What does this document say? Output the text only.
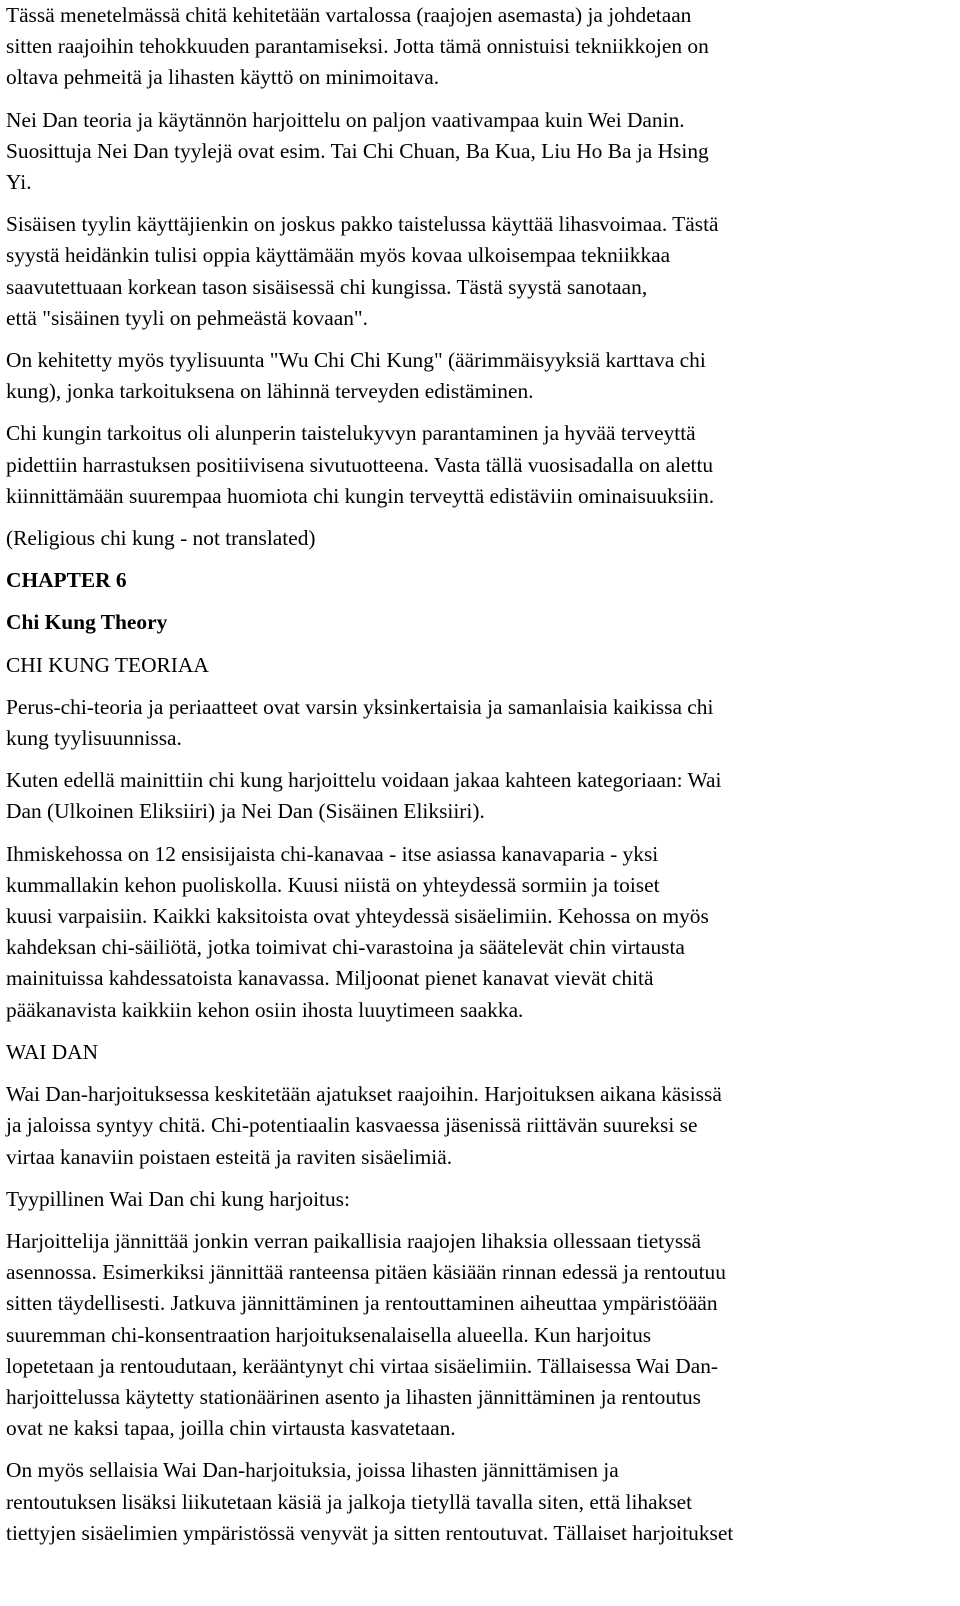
Tässä menetelmässä chitä kehitetään vartalossa (raajojen asemasta) ja johdetaan
sitten raajoihin tehokkuuden parantamiseksi. Jotta tämä onnistuisi tekniikkojen on
oltava pehmeitä ja lihasten käyttö on minimoitava.

Nei Dan teoria ja käytännön harjoittelu on paljon vaativampaa kuin Wei Danin.
Suosittuja Nei Dan tyylejä ovat esim. Tai Chi Chuan, Ba Kua, Liu Ho Ba ja Hsing
Yi.

Sisäisen tyylin käyttäjienkin on joskus pakko taistelussa käyttää lihasvoimaa. Tästä
syystä heidänkin tulisi oppia käyttämään myös kovaa ulkoisempaa tekniikkaa
saavutettuaan korkean tason sisäisessä chi kungissa. Tästä syystä sanotaan,
että "sisäinen tyyli on pehmeästä kovaan".

On kehitetty myös tyylisuunta "Wu Chi Chi Kung" (äärimmäisyyksiä karttava chi
kung), jonka tarkoituksena on lähinnä terveyden edistäminen.

Chi kungin tarkoitus oli alunperin taistelukyvyn parantaminen ja hyvää terveyttä
pidettiin harrastuksen positiivisena sivutuotteena. Vasta tällä vuosisadalla on alettu
kiinnittämään suurempaa huomiota chi kungin terveyttä edistäviin ominaisuuksiin.

(Religious chi kung - not translated)

CHAPTER 6

Chi Kung Theory

CHI KUNG TEORIAA

Perus-chi-teoria ja periaatteet ovat varsin yksinkertaisia ja samanlaisia kaikissa chi
kung tyylisuunnissa.

Kuten edellä mainittiin chi kung harjoittelu voidaan jakaa kahteen kategoriaan: Wai
Dan (Ulkoinen Eliksiiri) ja Nei Dan (Sisäinen Eliksiiri).

Ihmiskehossa on 12 ensisijaista chi-kanavaa - itse asiassa kanavaparia - yksi
kummallakin kehon puoliskolla. Kuusi niistä on yhteydessä sormiin ja toiset
kuusi varpaisiin. Kaikki kaksitoista ovat yhteydessä sisäelimiin. Kehossa on myös
kahdeksan chi-säiliötä, jotka toimivat chi-varastoina ja säätelevät chin virtausta
mainituissa kahdessatoista kanavassa. Miljoonat pienet kanavat vievät chitä
pääkanavista kaikkiin kehon osiin ihosta luuytimeen saakka.

WAI DAN

Wai Dan-harjoituksessa keskitetään ajatukset raajoihin. Harjoituksen aikana käsissä
ja jaloissa syntyy chitä. Chi-potentiaalin kasvaessa jäsenissä riittävän suureksi se
virtaa kanaviin poistaen esteitä ja raviten sisäelimiä.

Tyypillinen Wai Dan chi kung harjoitus:

Harjoittelija jännittää jonkin verran paikallisia raajojen lihaksia ollessaan tietyssä
asennossa. Esimerkiksi jännittää ranteensa pitäen käsiään rinnan edessä ja rentoutuu
sitten täydellisesti. Jatkuva jännittäminen ja rentouttaminen aiheuttaa ympäristöään
suuremman chi-konsentraation harjoituksenalaisella alueella. Kun harjoitus
lopetetaan ja rentoudutaan, kerääntynyt chi virtaa sisäelimiin. Tällaisessa Wai Dan-
harjoittelussa käytetty stationäärinen asento ja lihasten jännittäminen ja rentoutus
ovat ne kaksi tapaa, joilla chin virtausta kasvatetaan.

On myös sellaisia Wai Dan-harjoituksia, joissa lihasten jännittämisen ja
rentoutuksen lisäksi liikutetaan käsiä ja jalkoja tietyllä tavalla siten, että lihakset
tiettyjen sisäelimien ympäristössä venyvät ja sitten rentoutuvat. Tällaiset harjoitukset
